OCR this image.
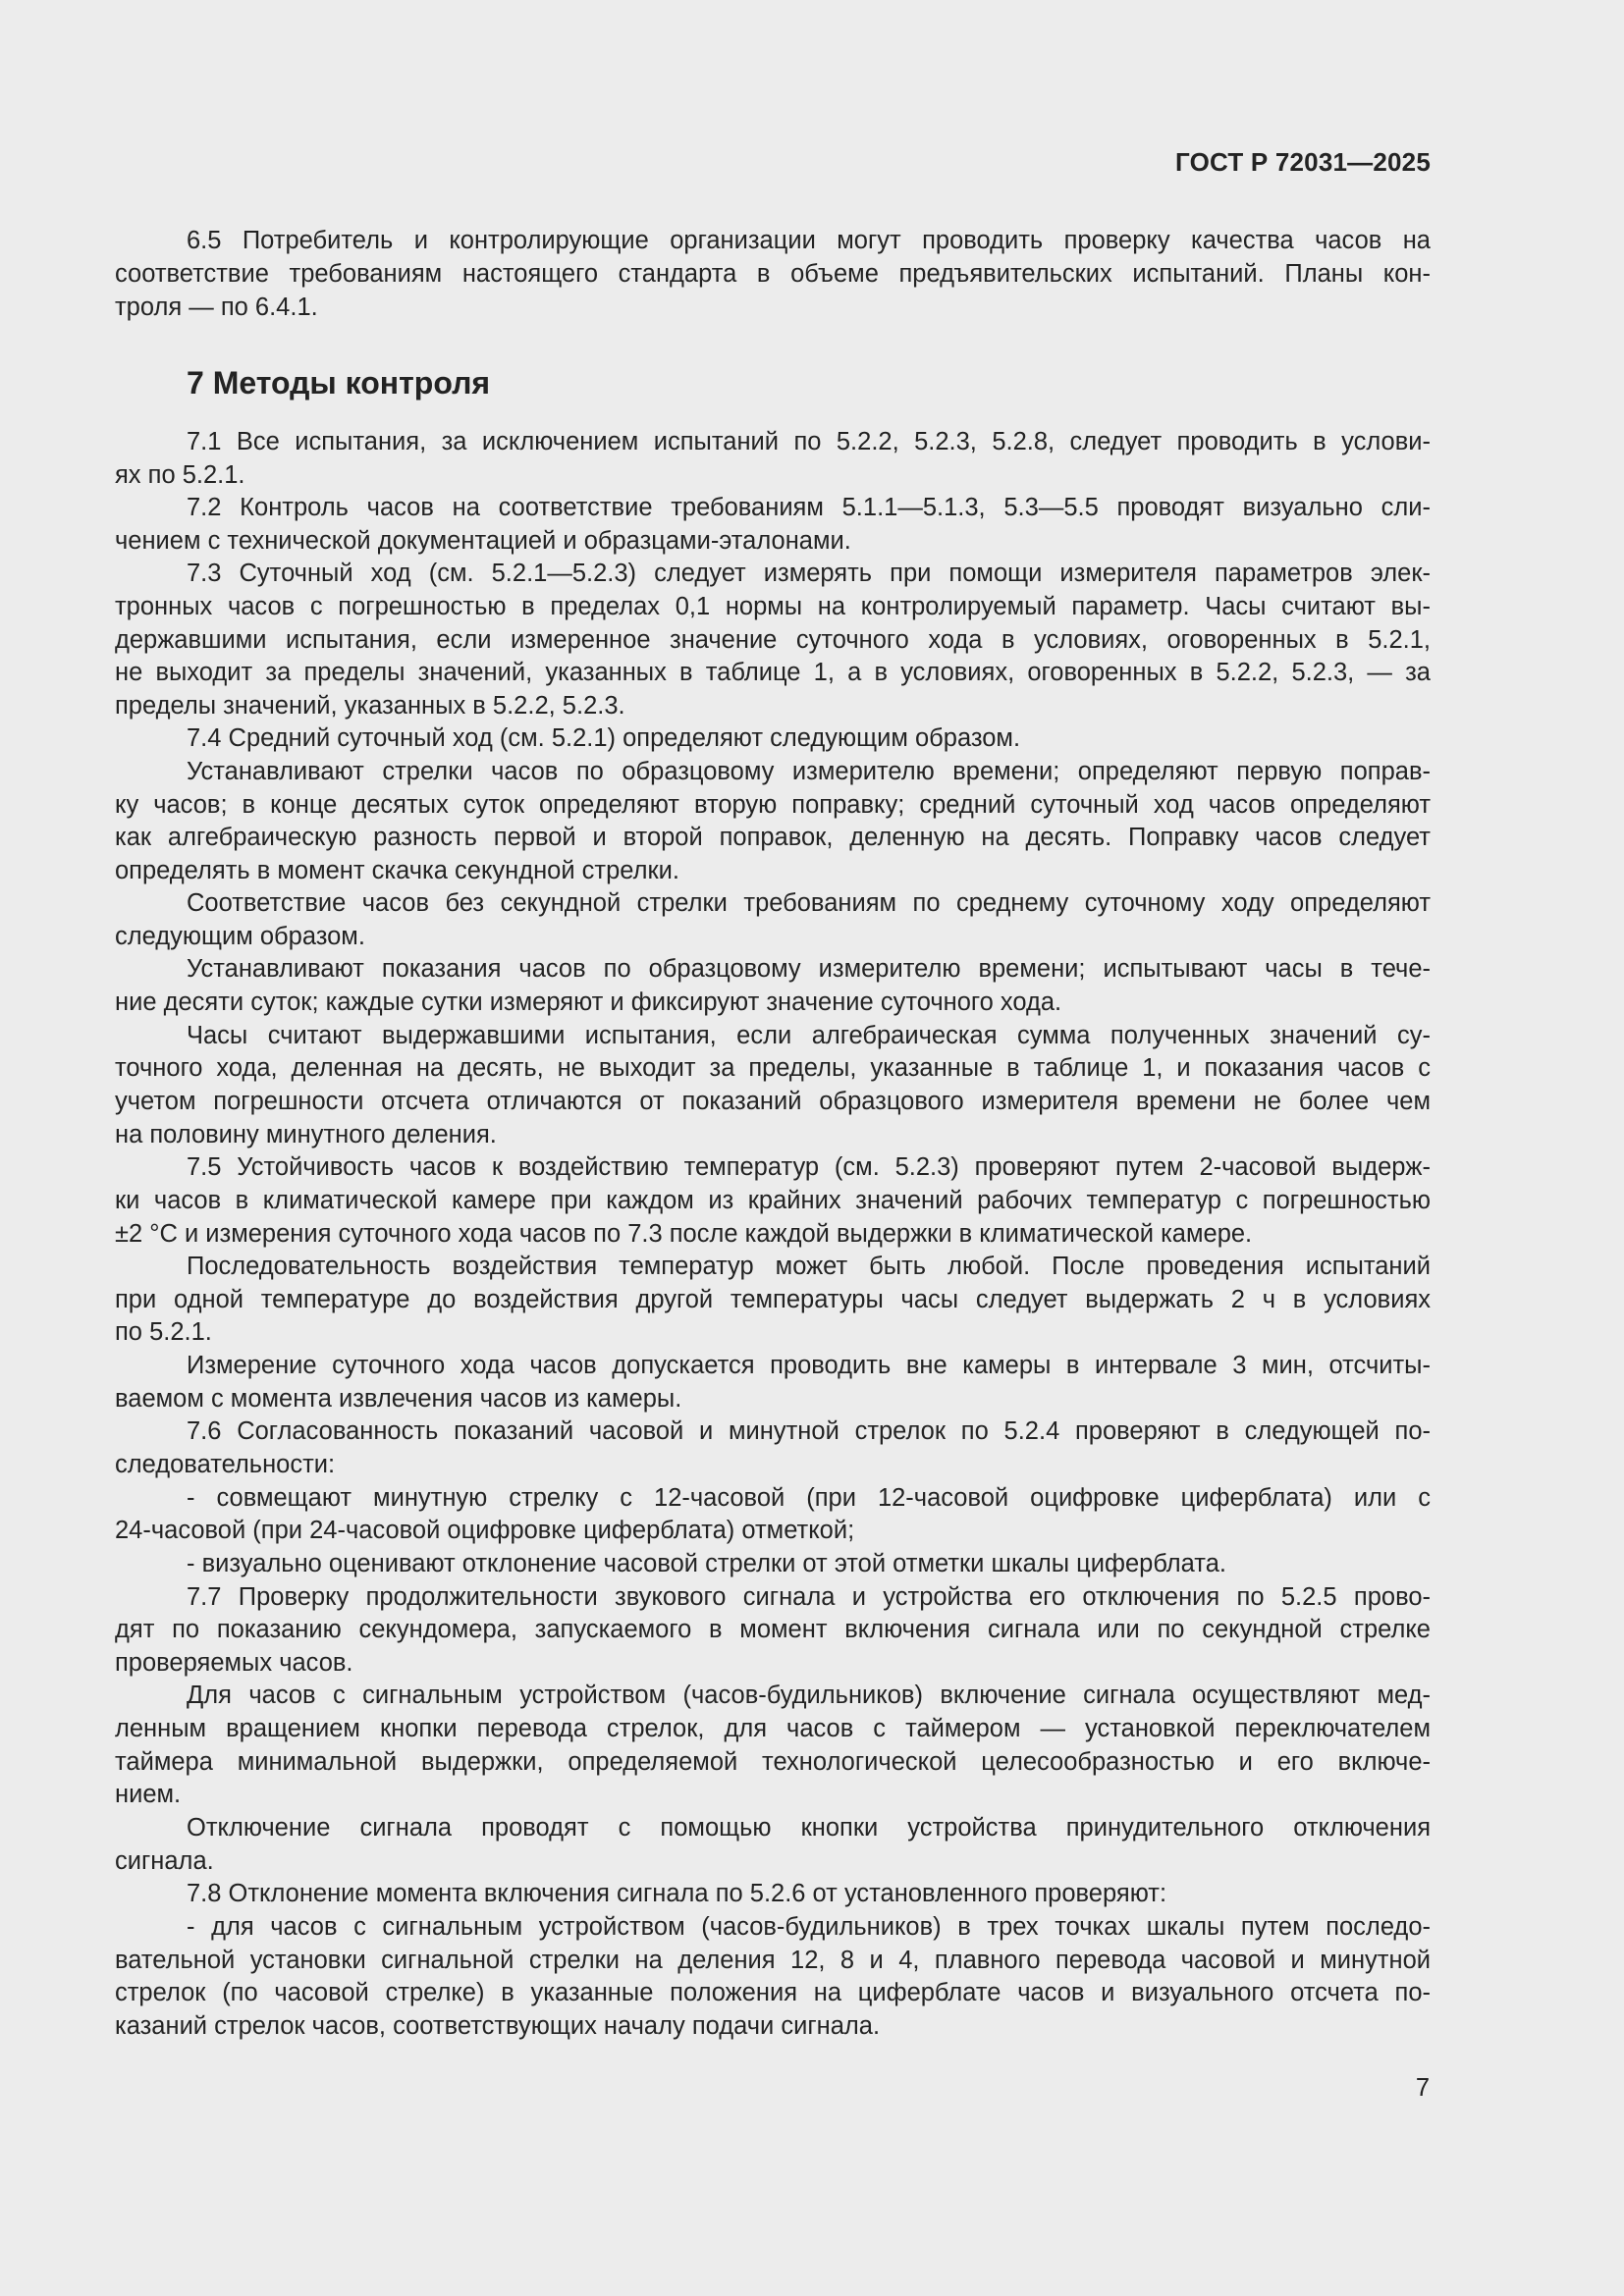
ГОСТ Р 72031—2025
7 Методы контроля
7
6.5 Потребитель и контролирующие организации могут проводить проверку качества часов на
соответствие требованиям настоящего стандарта в объеме предъявительских испытаний. Планы кон-
троля — по 6.4.1.
7.1 Все испытания, за исключением испытаний по 5.2.2, 5.2.3, 5.2.8, следует проводить в услови-
ях по 5.2.1.
7.2 Контроль часов на соответствие требованиям 5.1.1—5.1.3, 5.3—5.5 проводят визуально сли-
чением с технической документацией и образцами-эталонами.
7.3 Суточный ход (см. 5.2.1—5.2.3) следует измерять при помощи измерителя параметров элек-
тронных часов с погрешностью в пределах 0,1 нормы на контролируемый параметр. Часы считают вы-
державшими испытания, если измеренное значение суточного хода в условиях, оговоренных в 5.2.1,
не выходит за пределы значений, указанных в таблице 1, а в условиях, оговоренных в 5.2.2, 5.2.3, — за
пределы значений, указанных в 5.2.2, 5.2.3.
7.4 Средний суточный ход (см. 5.2.1) определяют следующим образом.
Устанавливают стрелки часов по образцовому измерителю времени; определяют первую поправ-
ку часов; в конце десятых суток определяют вторую поправку; средний суточный ход часов определяют
как алгебраическую разность первой и второй поправок, деленную на десять. Поправку часов следует
определять в момент скачка секундной стрелки.
Соответствие часов без секундной стрелки требованиям по среднему суточному ходу определяют
следующим образом.
Устанавливают показания часов по образцовому измерителю времени; испытывают часы в тече-
ние десяти суток; каждые сутки измеряют и фиксируют значение суточного хода.
Часы считают выдержавшими испытания, если алгебраическая сумма полученных значений су-
точного хода, деленная на десять, не выходит за пределы, указанные в таблице 1, и показания часов с
учетом погрешности отсчета отличаются от показаний образцового измерителя времени не более чем
на половину минутного деления.
7.5 Устойчивость часов к воздействию температур (см. 5.2.3) проверяют путем 2-часовой выдерж-
ки часов в климатической камере при каждом из крайних значений рабочих температур с погрешностью
±2 °С и измерения суточного хода часов по 7.3 после каждой выдержки в климатической камере.
Последовательность воздействия температур может быть любой. После проведения испытаний
при одной температуре до воздействия другой температуры часы следует выдержать 2 ч в условиях
по 5.2.1.
Измерение суточного хода часов допускается проводить вне камеры в интервале 3 мин, отсчиты-
ваемом с момента извлечения часов из камеры.
7.6 Согласованность показаний часовой и минутной стрелок по 5.2.4 проверяют в следующей по-
следовательности:
- совмещают минутную стрелку с 12-часовой (при 12-часовой оцифровке циферблата) или с
24-часовой (при 24-часовой оцифровке циферблата) отметкой;
- визуально оценивают отклонение часовой стрелки от этой отметки шкалы циферблата.
7.7 Проверку продолжительности звукового сигнала и устройства его отключения по 5.2.5 прово-
дят по показанию секундомера, запускаемого в момент включения сигнала или по секундной стрелке
проверяемых часов.
Для часов с сигнальным устройством (часов-будильников) включение сигнала осуществляют мед-
ленным вращением кнопки перевода стрелок, для часов с таймером — установкой переключателем
таймера минимальной выдержки, определяемой технологической целесообразностью и его включе-
нием.
Отключение сигнала проводят с помощью кнопки устройства принудительного отключения
сигнала.
7.8 Отклонение момента включения сигнала по 5.2.6 от установленного проверяют:
- для часов с сигнальным устройством (часов-будильников) в трех точках шкалы путем последо-
вательной установки сигнальной стрелки на деления 12, 8 и 4, плавного перевода часовой и минутной
стрелок (по часовой стрелке) в указанные положения на циферблате часов и визуального отсчета по-
казаний стрелок часов, соответствующих началу подачи сигнала.
